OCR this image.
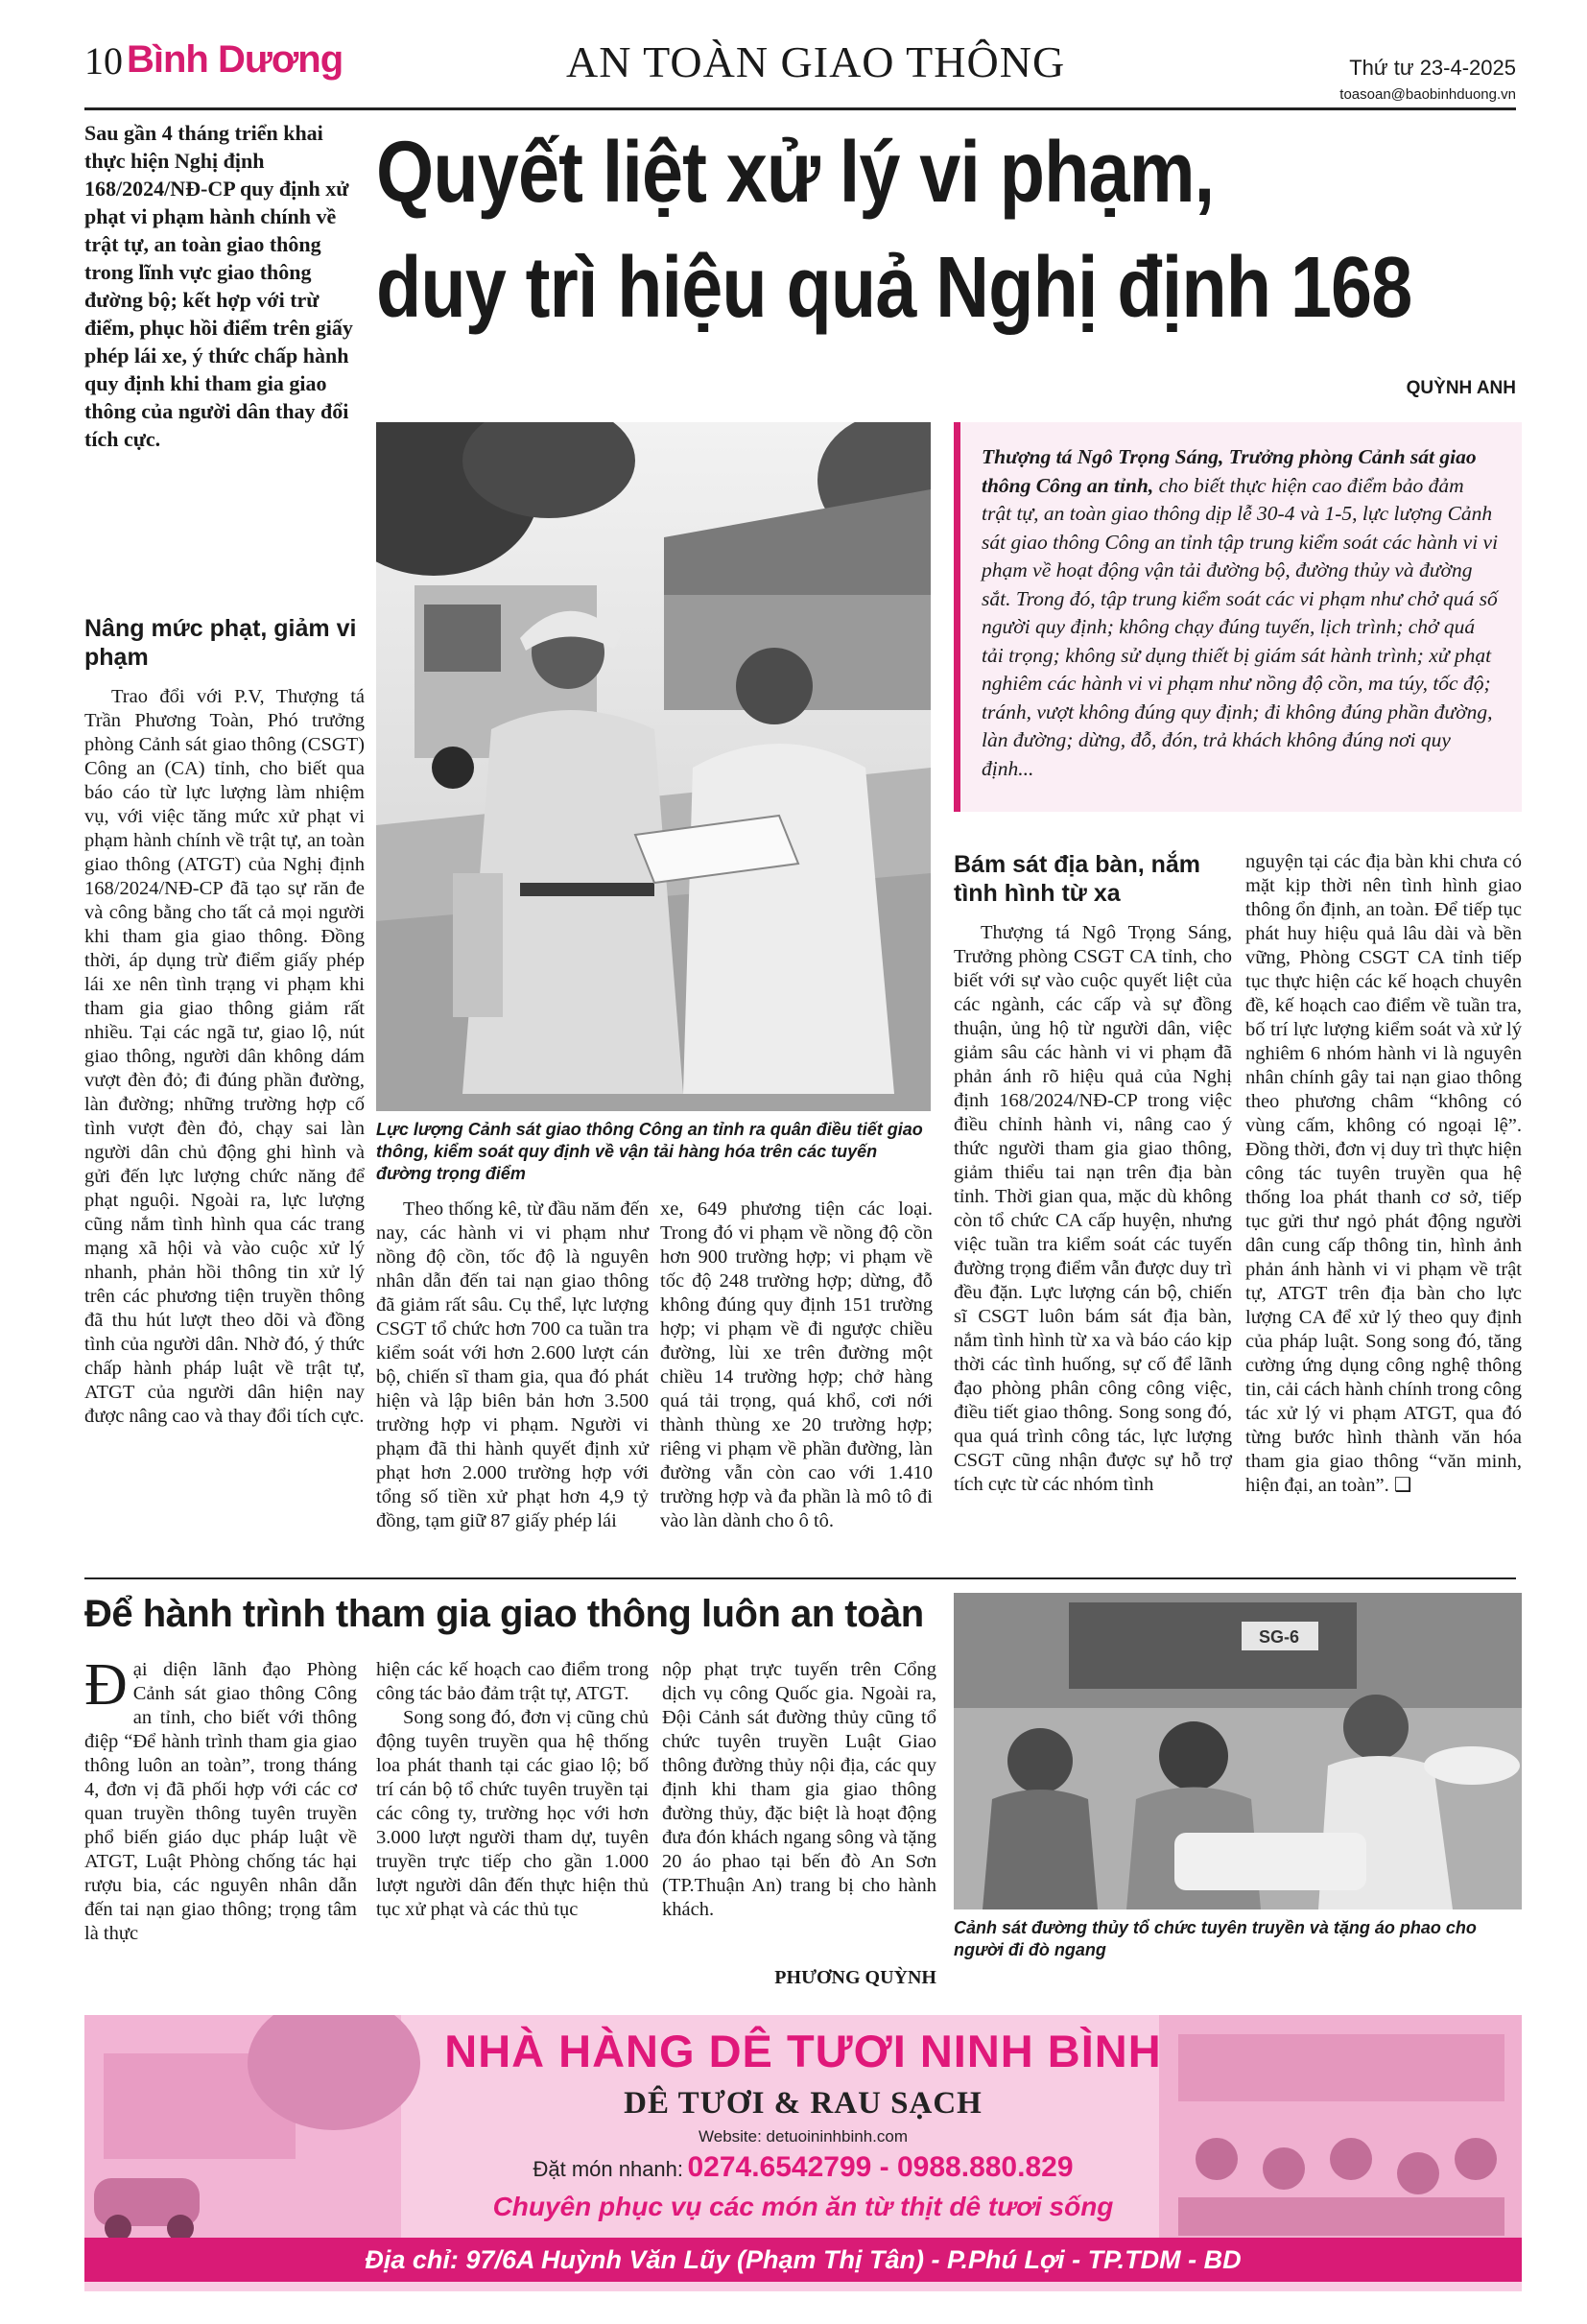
10 Bình Dương	AN TOÀN GIAO THÔNG	Thứ tư 23-4-2025
toasoan@baobinhduong.vn
Sau gần 4 tháng triển khai thực hiện Nghị định 168/2024/NĐ-CP quy định xử phạt vi phạm hành chính về trật tự, an toàn giao thông trong lĩnh vực giao thông đường bộ; kết hợp với trừ điểm, phục hồi điểm trên giấy phép lái xe, ý thức chấp hành quy định khi tham gia giao thông của người dân thay đổi tích cực.
Quyết liệt xử lý vi phạm,
duy trì hiệu quả Nghị định 168
QUỲNH ANH
Nâng mức phạt, giảm vi phạm

Trao đổi với P.V, Thượng tá Trần Phương Toàn, Phó trưởng phòng Cảnh sát giao thông (CSGT) Công an (CA) tỉnh, cho biết qua báo cáo từ lực lượng làm nhiệm vụ, với việc tăng mức xử phạt vi phạm hành chính về trật tự, an toàn giao thông (ATGT) của Nghị định 168/2024/NĐ-CP đã tạo sự răn đe và công bằng cho tất cả mọi người khi tham gia giao thông. Đồng thời, áp dụng trừ điểm giấy phép lái xe nên tình trạng vi phạm khi tham gia giao thông giảm rất nhiều. Tại các ngã tư, giao lộ, nút giao thông, người dân không dám vượt đèn đỏ; đi đúng phần đường, làn đường; những trường hợp cố tình vượt đèn đỏ, chạy sai làn người dân chủ động ghi hình và gửi đến lực lượng chức năng để phạt nguội. Ngoài ra, lực lượng cũng nắm tình hình qua các trang mạng xã hội và vào cuộc xử lý nhanh, phản hồi thông tin xử lý trên các phương tiện truyền thông đã thu hút lượt theo dõi và đồng tình của người dân. Nhờ đó, ý thức chấp hành pháp luật về trật tự, ATGT của người dân hiện nay được nâng cao và thay đổi tích cực.

Lực lượng Cảnh sát giao thông Công an tỉnh ra quân điều tiết giao thông, kiểm soát quy định về vận tải hàng hóa trên các tuyến đường trọng điểm
Thượng tá Ngô Trọng Sáng, Trưởng phòng Cảnh sát giao thông Công an tỉnh, cho biết thực hiện cao điểm bảo đảm trật tự, an toàn giao thông dịp lễ 30-4 và 1-5, lực lượng Cảnh sát giao thông Công an tỉnh tập trung kiểm soát các hành vi vi phạm về hoạt động vận tải đường bộ, đường thủy và đường sắt. Trong đó, tập trung kiểm soát các vi phạm như chở quá số người quy định; không chạy đúng tuyến, lịch trình; chở quá tải trọng; không sử dụng thiết bị giám sát hành trình; xử phạt nghiêm các hành vi vi phạm như nồng độ cồn, ma túy, tốc độ; tránh, vượt không đúng quy định; đi không đúng phần đường, làn đường; dừng, đỗ, đón, trả khách không đúng nơi quy định...
Bám sát địa bàn, nắm tình hình từ xa

Thượng tá Ngô Trọng Sáng, Trưởng phòng CSGT CA tỉnh, cho biết với sự vào cuộc quyết liệt của các ngành, các cấp và sự đồng thuận, ủng hộ từ người dân, việc giảm sâu các hành vi vi phạm đã phản ánh rõ hiệu quả của Nghị định 168/2024/NĐ-CP trong việc điều chỉnh hành vi, nâng cao ý thức người tham gia giao thông, giảm thiểu tai nạn trên địa bàn tỉnh. Thời gian qua, mặc dù không còn tổ chức CA cấp huyện, nhưng việc tuần tra kiểm soát các tuyến đường trọng điểm vẫn được duy trì đều đặn. Lực lượng cán bộ, chiến sĩ CSGT luôn bám sát địa bàn, nắm tình hình từ xa và báo cáo kịp thời các tình huống, sự cố để lãnh đạo phòng phân công công việc, điều tiết giao thông. Song song đó, qua quá trình công tác, lực lượng CSGT cũng nhận được sự hỗ trợ tích cực từ các nhóm tình

nguyện tại các địa bàn khi chưa có mặt kịp thời nên tình hình giao thông ổn định, an toàn. Để tiếp tục phát huy hiệu quả lâu dài và bền vững, Phòng CSGT CA tỉnh tiếp tục thực hiện các kế hoạch chuyên đề, kế hoạch cao điểm về tuần tra, bố trí lực lượng kiểm soát và xử lý nghiêm 6 nhóm hành vi là nguyên nhân chính gây tai nạn giao thông theo phương châm “không có vùng cấm, không có ngoại lệ”. Đồng thời, đơn vị duy trì thực hiện công tác tuyên truyền qua hệ thống loa phát thanh cơ sở, tiếp tục gửi thư ngỏ phát động người dân cung cấp thông tin, hình ảnh phản ánh hành vi vi phạm về trật tự, ATGT trên địa bàn cho lực lượng CA để xử lý theo quy định của pháp luật. Song song đó, tăng cường ứng dụng công nghệ thông tin, cải cách hành chính trong công tác xử lý vi phạm ATGT, qua đó từng bước hình thành văn hóa tham gia giao thông “văn minh, hiện đại, an toàn”. ❑

Theo thống kê, từ đầu năm đến nay, các hành vi vi phạm như nồng độ cồn, tốc độ là nguyên nhân dẫn đến tai nạn giao thông đã giảm rất sâu. Cụ thể, lực lượng CSGT tổ chức hơn 700 ca tuần tra kiểm soát với hơn 2.600 lượt cán bộ, chiến sĩ tham gia, qua đó phát hiện và lập biên bản hơn 3.500 trường hợp vi phạm. Người vi phạm đã thi hành quyết định xử phạt hơn 2.000 trường hợp với tổng số tiền xử phạt hơn 4,9 tỷ đồng, tạm giữ 87 giấy phép lái

xe, 649 phương tiện các loại. Trong đó vi phạm về nồng độ cồn hơn 900 trường hợp; vi phạm về tốc độ 248 trường hợp; dừng, đỗ không đúng quy định 151 trường hợp; vi phạm về đi ngược chiều đường, lùi xe trên đường một chiều 14 trường hợp; chở hàng quá tải trọng, quá khổ, cơi nới thành thùng xe 20 trường hợp; riêng vi phạm về phần đường, làn đường vẫn còn cao với 1.410 trường hợp và đa phần là mô tô đi vào làn dành cho ô tô.

Để hành trình tham gia giao thông luôn an toàn
Đại diện lãnh đạo Phòng Cảnh sát giao thông Công an tỉnh, cho biết với thông điệp “Để hành trình tham gia giao thông luôn an toàn”, trong tháng 4, đơn vị đã phối hợp với các cơ quan truyền thông tuyên truyền phổ biến giáo dục pháp luật về ATGT, Luật Phòng chống tác hại rượu bia, các nguyên nhân dẫn đến tai nạn giao thông; trọng tâm là thực

hiện các kế hoạch cao điểm trong công tác bảo đảm trật tự, ATGT.

Song song đó, đơn vị cũng chủ động tuyên truyền qua hệ thống loa phát thanh tại các giao lộ; bố trí cán bộ tổ chức tuyên truyền tại các công ty, trường học với hơn 3.000 lượt người tham dự, tuyên truyền trực tiếp cho gần 1.000 lượt người dân đến thực hiện thủ tục xử phạt và các thủ tục

nộp phạt trực tuyến trên Cổng dịch vụ công Quốc gia. Ngoài ra, Đội Cảnh sát đường thủy cũng tổ chức tuyên truyền Luật Giao thông đường thủy nội địa, các quy định khi tham gia giao thông đường thủy, đặc biệt là hoạt động đưa đón khách ngang sông và tặng 20 áo phao tại bến đò An Sơn (TP.Thuận An) trang bị cho hành khách.

PHƯƠNG QUỲNH
SG-6
Cảnh sát đường thủy tổ chức tuyên truyền và tặng áo phao cho người đi đò ngang
NHÀ HÀNG DÊ TƯƠI NINH BÌNH
DÊ TƯƠI & RAU SẠCH
Website: detuoininhbinh.com
Đặt món nhanh: 0274.6542799 - 0988.880.829
Chuyên phục vụ các món ăn từ thịt dê tươi sống
Địa chỉ: 97/6A Huỳnh Văn Lũy (Phạm Thị Tân) - P.Phú Lợi - TP.TDM - BD
